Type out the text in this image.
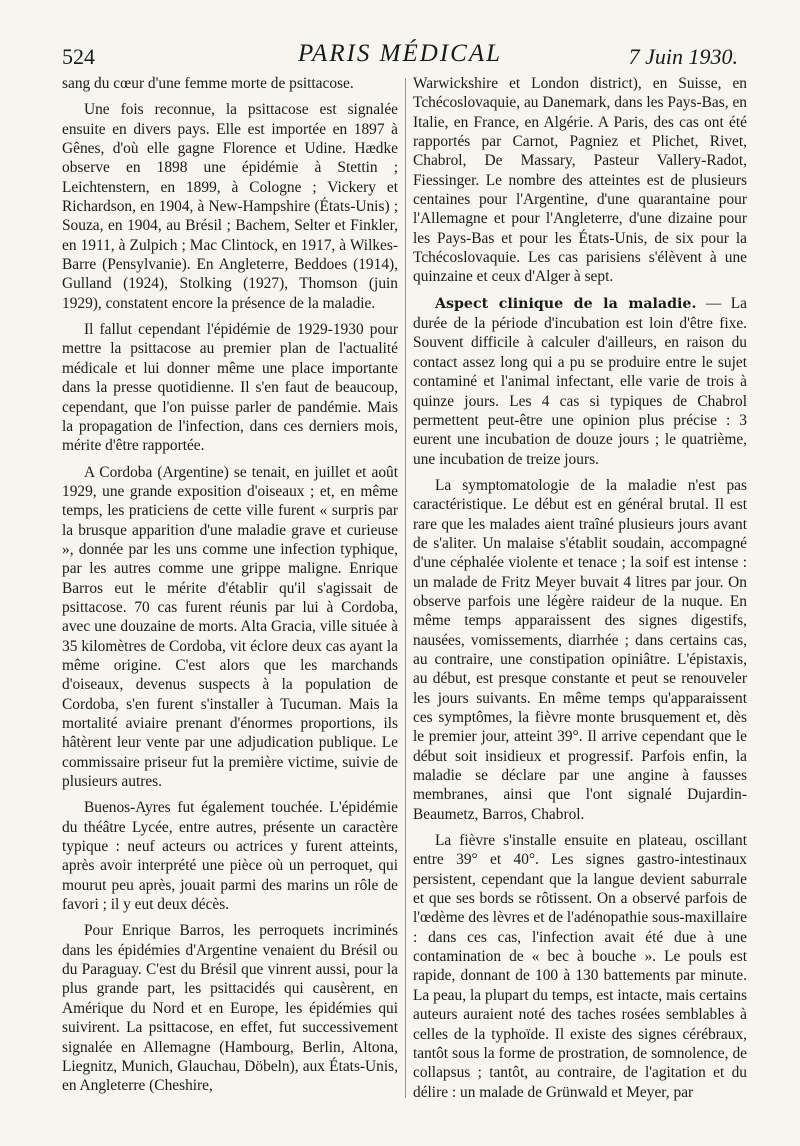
524	PARIS MÉDICAL	7 Juin 1930.

sang du cœur d'une femme morte de psittacose.

Une fois reconnue, la psittacose est signalée ensuite en divers pays. Elle est importée en 1897 à Gênes, d'où elle gagne Florence et Udine. Hædke observe en 1898 une épidémie à Stettin ; Leichtenstern, en 1899, à Cologne ; Vickery et Richardson, en 1904, à New-Hampshire (États-Unis) ; Souza, en 1904, au Brésil ; Bachem, Selter et Finkler, en 1911, à Zulpich ; Mac Clintock, en 1917, à Wilkes-Barre (Pensylvanie). En Angleterre, Beddoes (1914), Gulland (1924), Stolking (1927), Thomson (juin 1929), constatent encore la présence de la maladie.

Il fallut cependant l'épidémie de 1929-1930 pour mettre la psittacose au premier plan de l'actualité médicale et lui donner même une place importante dans la presse quotidienne. Il s'en faut de beaucoup, cependant, que l'on puisse parler de pandémie. Mais la propagation de l'infection, dans ces derniers mois, mérite d'être rapportée.

A Cordoba (Argentine) se tenait, en juillet et août 1929, une grande exposition d'oiseaux ; et, en même temps, les praticiens de cette ville furent « surpris par la brusque apparition d'une maladie grave et curieuse », donnée par les uns comme une infection typhique, par les autres comme une grippe maligne. Enrique Barros eut le mérite d'établir qu'il s'agissait de psittacose. 70 cas furent réunis par lui à Cordoba, avec une douzaine de morts. Alta Gracia, ville située à 35 kilomètres de Cordoba, vit éclore deux cas ayant la même origine. C'est alors que les marchands d'oiseaux, devenus suspects à la population de Cordoba, s'en furent s'installer à Tucuman. Mais la mortalité aviaire prenant d'énormes proportions, ils hâtèrent leur vente par une adjudication publique. Le commissaire priseur fut la première victime, suivie de plusieurs autres.

Buenos-Ayres fut également touchée. L'épidémie du théâtre Lycée, entre autres, présente un caractère typique : neuf acteurs ou actrices y furent atteints, après avoir interprété une pièce où un perroquet, qui mourut peu après, jouait parmi des marins un rôle de favori ; il y eut deux décès.

Pour Enrique Barros, les perroquets incriminés dans les épidémies d'Argentine venaient du Brésil ou du Paraguay. C'est du Brésil que vinrent aussi, pour la plus grande part, les psittacidés qui causèrent, en Amérique du Nord et en Europe, les épidémies qui suivirent. La psittacose, en effet, fut successivement signalée en Allemagne (Hambourg, Berlin, Altona, Liegnitz, Munich, Glauchau, Döbeln), aux États-Unis, en Angleterre (Cheshire,

Warwickshire et London district), en Suisse, en Tchécoslovaquie, au Danemark, dans les Pays-Bas, en Italie, en France, en Algérie. A Paris, des cas ont été rapportés par Carnot, Pagniez et Plichet, Rivet, Chabrol, De Massary, Pasteur Vallery-Radot, Fiessinger. Le nombre des atteintes est de plusieurs centaines pour l'Argentine, d'une quarantaine pour l'Allemagne et pour l'Angleterre, d'une dizaine pour les Pays-Bas et pour les États-Unis, de six pour la Tchécoslovaquie. Les cas parisiens s'élèvent à une quinzaine et ceux d'Alger à sept.

Aspect clinique de la maladie. — La durée de la période d'incubation est loin d'être fixe. Souvent difficile à calculer d'ailleurs, en raison du contact assez long qui a pu se produire entre le sujet contaminé et l'animal infectant, elle varie de trois à quinze jours. Les 4 cas si typiques de Chabrol permettent peut-être une opinion plus précise : 3 eurent une incubation de douze jours ; le quatrième, une incubation de treize jours.

La symptomatologie de la maladie n'est pas caractéristique. Le début est en général brutal. Il est rare que les malades aient traîné plusieurs jours avant de s'aliter. Un malaise s'établit soudain, accompagné d'une céphalée violente et tenace ; la soif est intense : un malade de Fritz Meyer buvait 4 litres par jour. On observe parfois une légère raideur de la nuque. En même temps apparaissent des signes digestifs, nausées, vomissements, diarrhée ; dans certains cas, au contraire, une constipation opiniâtre. L'épistaxis, au début, est presque constante et peut se renouveler les jours suivants. En même temps qu'apparaissent ces symptômes, la fièvre monte brusquement et, dès le premier jour, atteint 39°. Il arrive cependant que le début soit insidieux et progressif. Parfois enfin, la maladie se déclare par une angine à fausses membranes, ainsi que l'ont signalé Dujardin-Beaumetz, Barros, Chabrol.

La fièvre s'installe ensuite en plateau, oscillant entre 39° et 40°. Les signes gastro-intestinaux persistent, cependant que la langue devient saburrale et que ses bords se rôtissent. On a observé parfois de l'œdème des lèvres et de l'adénopathie sous-maxillaire : dans ces cas, l'infection avait été due à une contamination de « bec à bouche ». Le pouls est rapide, donnant de 100 à 130 battements par minute. La peau, la plupart du temps, est intacte, mais certains auteurs auraient noté des taches rosées semblables à celles de la typhoïde. Il existe des signes cérébraux, tantôt sous la forme de prostration, de somnolence, de collapsus ; tantôt, au contraire, de l'agitation et du délire : un malade de Grünwald et Meyer, par
